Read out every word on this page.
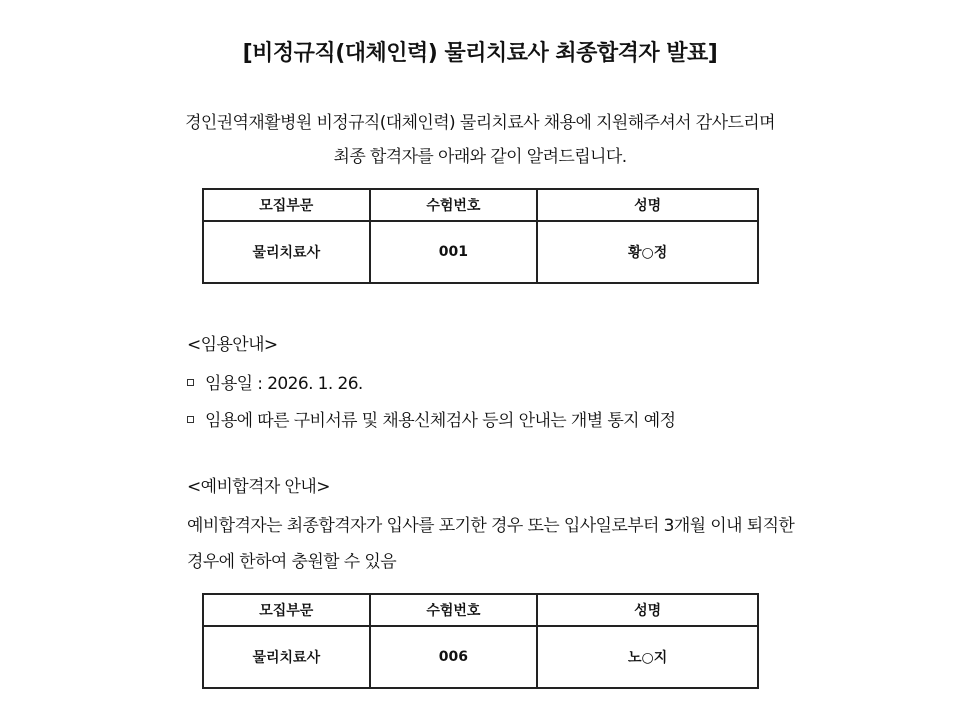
[비정규직(대체인력) 물리치료사 최종합격자 발표]
경인권역재활병원 비정규직(대체인력) 물리치료사 채용에 지원해주셔서 감사드리며
최종 합격자를 아래와 같이 알려드립니다.
모집부문	수험번호	성명
물리치료사	001	황○정
<임용안내>
임용일 : 2026. 1. 26.
임용에 따른 구비서류 및 채용신체검사 등의 안내는 개별 통지 예정
<예비합격자 안내>
예비합격자는 최종합격자가 입사를 포기한 경우 또는 입사일로부터 3개월 이내 퇴직한
경우에 한하여 충원할 수 있음
모집부문	수험번호	성명
물리치료사	006	노○지
